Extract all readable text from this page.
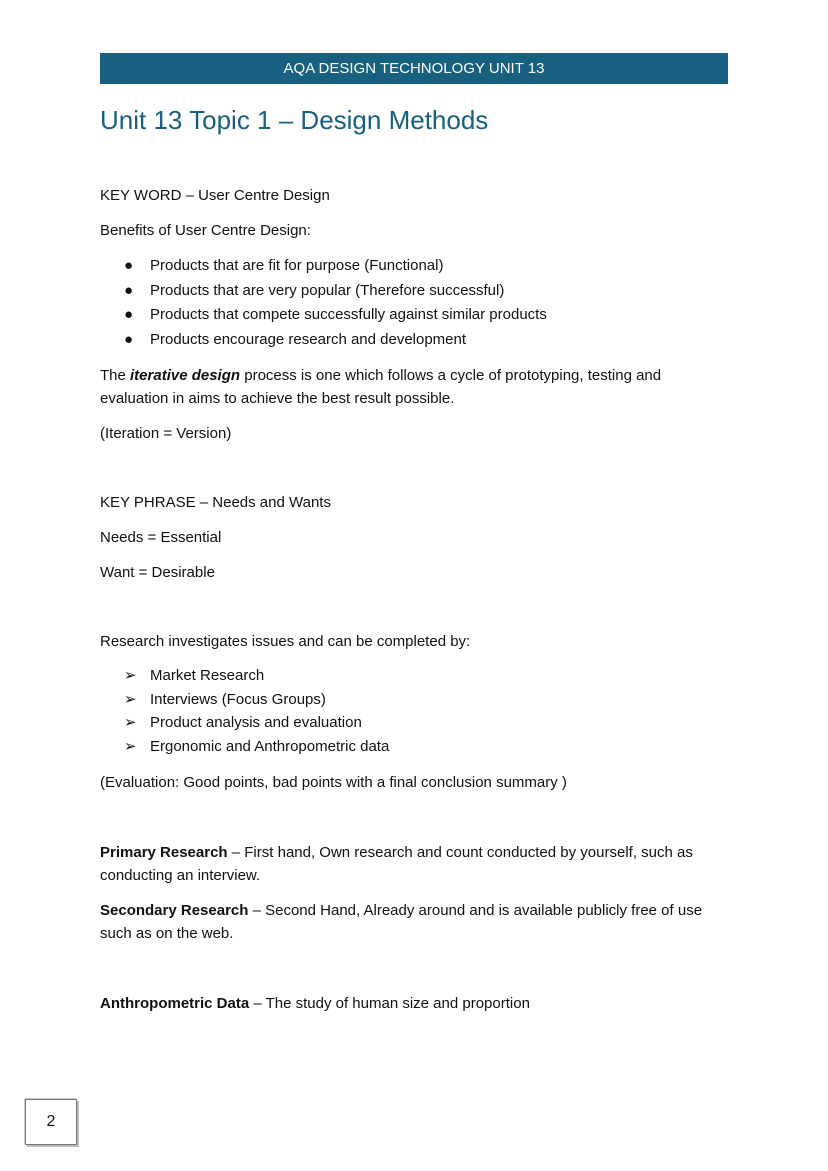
AQA DESIGN TECHNOLOGY UNIT 13
Unit 13 Topic 1 – Design Methods

KEY WORD – User Centre Design

Benefits of User Centre Design:

● Products that are fit for purpose (Functional)
● Products that are very popular (Therefore successful)
● Products that compete successfully against similar products
● Products encourage research and development

The iterative design process is one which follows a cycle of prototyping, testing and evaluation in aims to achieve the best result possible.

(Iteration = Version)

KEY PHRASE – Needs and Wants

Needs = Essential

Want = Desirable

Research investigates issues and can be completed by:

➢ Market Research
➢ Interviews (Focus Groups)
➢ Product analysis and evaluation
➢ Ergonomic and Anthropometric data

(Evaluation: Good points, bad points with a final conclusion summary )

Primary Research – First hand, Own research and count conducted by yourself, such as conducting an interview.

Secondary Research – Second Hand, Already around and is available publicly free of use such as on the web.

Anthropometric Data – The study of human size and proportion

2
